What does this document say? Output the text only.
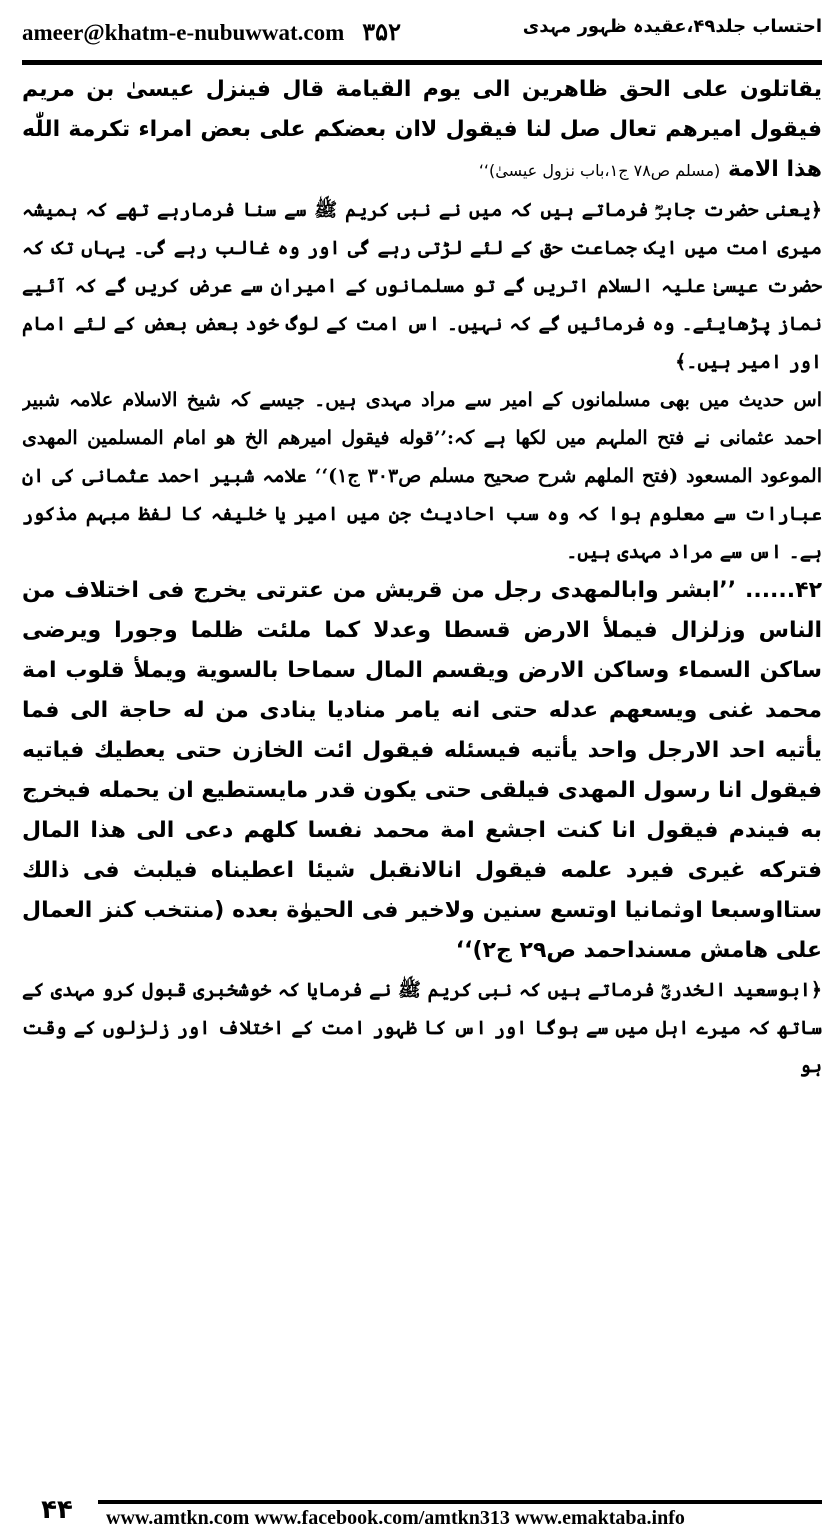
ameer@khatm-e-nubuwwat.com ۳۵۲	احتساب جلد۴۹،عقیدہ ظہور مہدی

یقاتلون علی الحق ظاهرین الی یوم القیامة قال فینزل عیسیٰ بن مریم فیقول امیرهم تعال صل لنا فیقول لاان بعضکم علی بعض امراء تکرمة اللّٰه هذا الامة (مسلم ص۷۸ ج۱،باب نزول عیسیٰ)‘‘

﴿یعنی حضرت جابرؓ فرماتے ہیں کہ میں نے نبی کریم ﷺ سے سنا فرمارہے تھے کہ ہمیشہ میری امت میں ایک جماعت حق کے لئے لڑتی رہے گی اور وہ غالب رہے گی۔ یہاں تک کہ حضرت عیسیٰ علیہ السلام اتریں گے تو مسلمانوں کے امیران سے عرض کریں گے کہ آئیے نماز پڑھایئے۔ وہ فرمائیں گے کہ نہیں۔ اس امت کے لوگ خود بعض بعض کے لئے امام اور امیر ہیں۔﴾

اس حدیث میں بھی مسلمانوں کے امیر سے مراد مہدی ہیں۔ جیسے کہ شیخ الاسلام علامہ شبیر احمد عثمانی نے فتح الملہم میں لکھا ہے کہ:’’قوله فیقول امیرهم الخ هو امام المسلمین المهدی الموعود المسعود (فتح الملهم شرح صحیح مسلم ص۳۰۳ ج۱)‘‘ علامہ شبیر احمد عثمانی کی ان عبارات سے معلوم ہوا کہ وہ سب احادیث جن میں امیر یا خلیفہ کا لفظ مبہم مذکور ہے۔ اس سے مراد مہدی ہیں۔

۴۲...... ’’ابشر وابالمهدی رجل من قریش من عترتی یخرج فی اختلاف من الناس وزلزال فیملأ الارض قسطا وعدلا کما ملئت ظلما وجورا ویرضی ساکن السماء وساکن الارض ویقسم المال سماحا بالسویة ویملأ قلوب امة محمد غنی ویسعهم عدله حتی انه یامر منادیا ینادی من له حاجة الی فما یأتیه احد الارجل واحد یأتیه فیسئله فیقول ائت الخازن حتی یعطیك فیاتیه فیقول انا رسول المهدی فیلقی حتی یکون قدر مایستطیع ان یحمله فیخرج به فیندم فیقول انا کنت اجشع امة محمد نفسا کلهم دعی الی هذا المال فترکه غیری فیرد علمه فیقول انالانقبل شیئا اعطیناه فیلبث فی ذالك ستااوسبعا اوثمانیا اوتسع سنین ولاخیر فی الحیوٰة بعده (منتخب کنز العمال علی هامش مسنداحمد ص۲۹ ج۲)‘‘

﴿ابوسعید الخدریؓ فرماتے ہیں کہ نبی کریم ﷺ نے فرمایا کہ خوشخبری قبول کرو مہدی کے ساتھ کہ میرے اہل میں سے ہوگا اور اس کا ظہور امت کے اختلاف اور زلزلوں کے وقت ہو

۴۴	www.amtkn.com www.facebook.com/amtkn313 www.emaktaba.info
